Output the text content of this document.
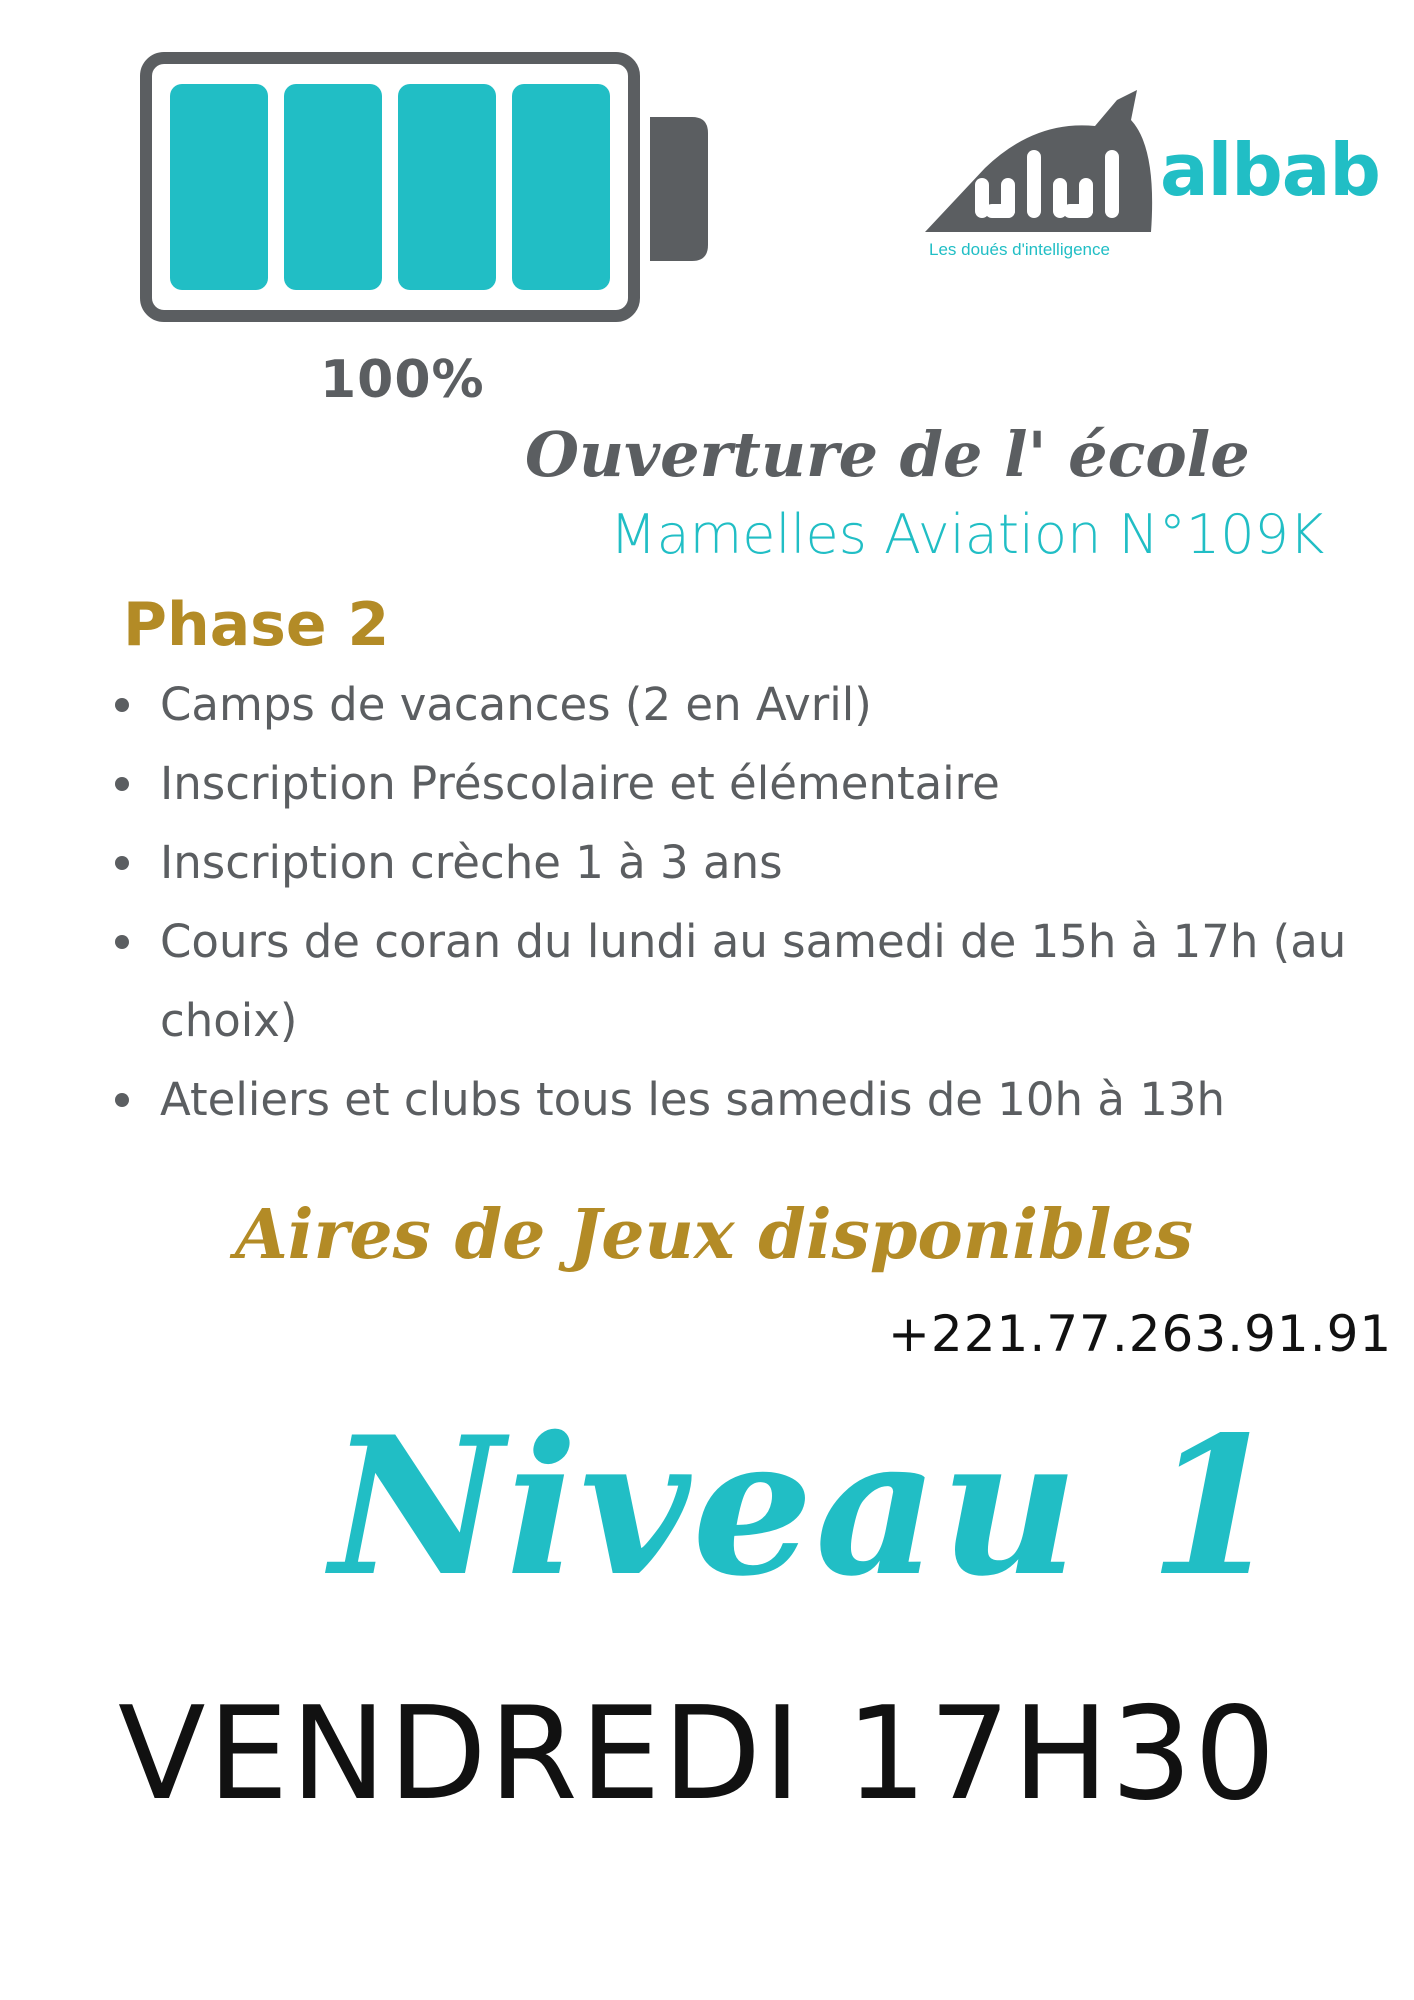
100%
albab
Les doués d'intelligence
Ouverture de l' école
Mamelles Aviation N°109K
Phase 2
Camps de vacances (2 en Avril)
Inscription Préscolaire et élémentaire
Inscription crèche 1 à 3 ans
Cours de coran du lundi au samedi de 15h à 17h (au choix)
Ateliers et clubs tous les samedis de 10h à 13h
Aires de Jeux disponibles
+221.77.263.91.91
Niveau 1
VENDREDI 17H30
